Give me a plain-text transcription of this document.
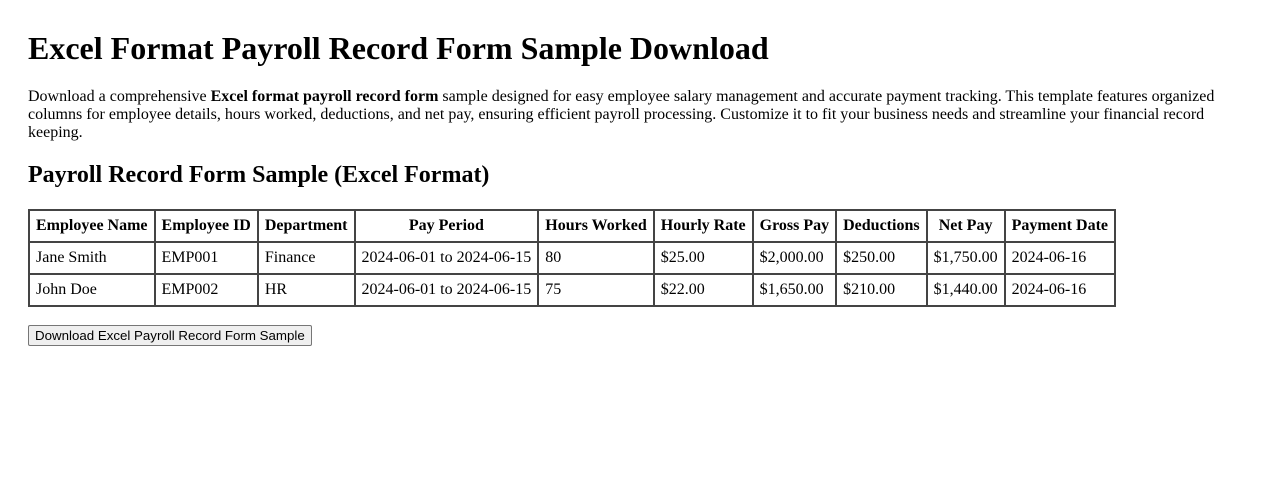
Excel Format Payroll Record Form Sample Download

Download a comprehensive Excel format payroll record form sample designed for easy employee salary management and accurate payment tracking. This template features organized columns for employee details, hours worked, deductions, and net pay, ensuring efficient payroll processing. Customize it to fit your business needs and streamline your financial record keeping.

Payroll Record Form Sample (Excel Format)
Employee Name	Employee ID	Department	Pay Period	Hours Worked	Hourly Rate	Gross Pay	Deductions	Net Pay	Payment Date
Jane Smith	EMP001	Finance	2024-06-01 to 2024-06-15	80	$25.00	$2,000.00	$250.00	$1,750.00	2024-06-16
John Doe	EMP002	HR	2024-06-01 to 2024-06-15	75	$22.00	$1,650.00	$210.00	$1,440.00	2024-06-16
Download Excel Payroll Record Form Sample
